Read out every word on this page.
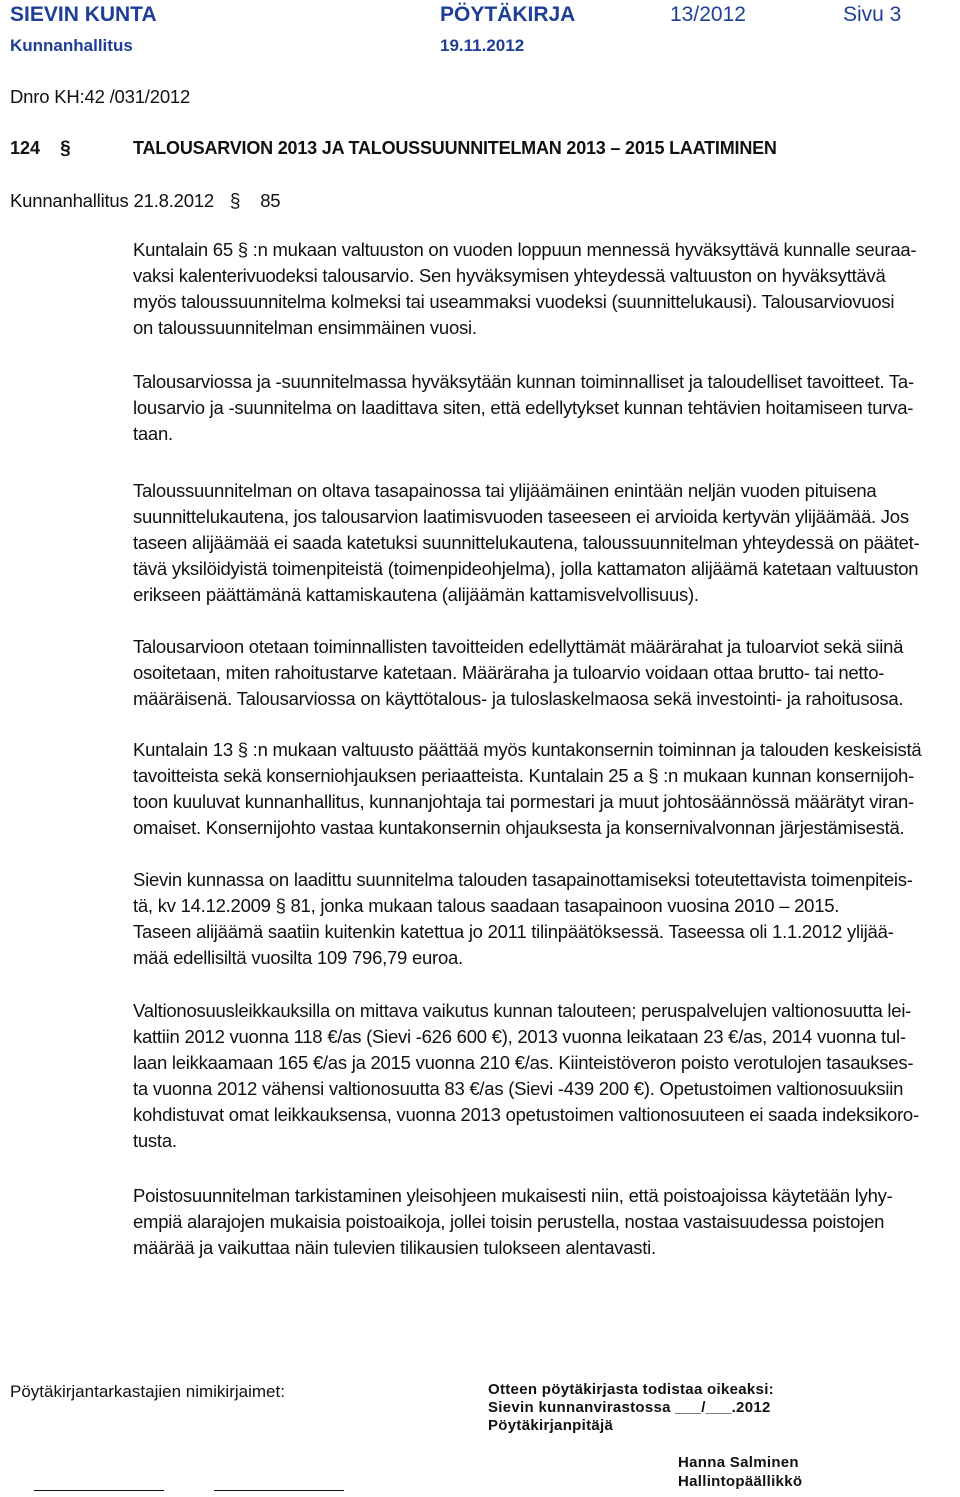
SIEVIN KUNTA	PÖYTÄKIRJA	13/2012	Sivu 3
Kunnanhallitus	19.11.2012
Dnro KH:42 /031/2012
124 §	TALOUSARVION 2013 JA TALOUSSUUNNITELMAN 2013 – 2015 LAATIMINEN
Kunnanhallitus 21.8.2012 § 85
Kuntalain 65 § :n mukaan valtuuston on vuoden loppuun mennessä hyväksyttävä kunnalle seuraa-
vaksi kalenterivuodeksi talousarvio. Sen hyväksymisen yhteydessä valtuuston on hyväksyttävä
myös taloussuunnitelma kolmeksi tai useammaksi vuodeksi (suunnittelukausi). Talousarviovuosi
on taloussuunnitelman ensimmäinen vuosi.
Talousarviossa ja -suunnitelmassa hyväksytään kunnan toiminnalliset ja taloudelliset tavoitteet. Ta-
lousarvio ja -suunnitelma on laadittava siten, että edellytykset kunnan tehtävien hoitamiseen turva-
taan.
Taloussuunnitelman on oltava tasapainossa tai ylijäämäinen enintään neljän vuoden pituisena
suunnittelukautena, jos talousarvion laatimisvuoden taseeseen ei arvioida kertyvän ylijäämää. Jos
taseen alijäämää ei saada katetuksi suunnittelukautena, taloussuunnitelman yhteydessä on päätet-
tävä yksilöidyistä toimenpiteistä (toimenpideohjelma), jolla kattamaton alijäämä katetaan valtuuston
erikseen päättämänä kattamiskautena (alijäämän kattamisvelvollisuus).
Talousarvioon otetaan toiminnallisten tavoitteiden edellyttämät määrärahat ja tuloarviot sekä siinä
osoitetaan, miten rahoitustarve katetaan. Määräraha ja tuloarvio voidaan ottaa brutto- tai netto-
määräisenä. Talousarviossa on käyttötalous- ja tuloslaskelmaosa sekä investointi- ja rahoitusosa.
Kuntalain 13 § :n mukaan valtuusto päättää myös kuntakonsernin toiminnan ja talouden keskeisistä
tavoitteista sekä konserniohjauksen periaatteista. Kuntalain 25 a § :n mukaan kunnan konsernijoh-
toon kuuluvat kunnanhallitus, kunnanjohtaja tai pormestari ja muut johtosäännössä määrätyt viran-
omaiset. Konsernijohto vastaa kuntakonsernin ohjauksesta ja konsernivalvonnan järjestämisestä.
Sievin kunnassa on laadittu suunnitelma talouden tasapainottamiseksi toteutettavista toimenpiteis-
tä, kv 14.12.2009 § 81, jonka mukaan talous saadaan tasapainoon vuosina 2010 – 2015.
Taseen alijäämä saatiin kuitenkin katettua jo 2011 tilinpäätöksessä. Taseessa oli 1.1.2012 ylijää-
mää edellisiltä vuosilta 109 796,79 euroa.
Valtionosuusleikkauksilla on mittava vaikutus kunnan talouteen; peruspalvelujen valtionosuutta lei-
kattiin 2012 vuonna 118 €/as (Sievi -626 600 €), 2013 vuonna leikataan 23 €/as, 2014 vuonna tul-
laan leikkaamaan 165 €/as ja 2015 vuonna 210 €/as. Kiinteistöveron poisto verotulojen tasaukses-
ta vuonna 2012 vähensi valtionosuutta 83 €/as (Sievi -439 200 €). Opetustoimen valtionosuuksiin
kohdistuvat omat leikkauksensa, vuonna 2013 opetustoimen valtionosuuteen ei saada indeksikoro-
tusta.
Poistosuunnitelman tarkistaminen yleisohjeen mukaisesti niin, että poistoajoissa käytetään lyhy-
empiä alarajojen mukaisia poistoaikoja, jollei toisin perustella, nostaa vastaisuudessa poistojen
määrää ja vaikuttaa näin tulevien tilikausien tulokseen alentavasti.
Pöytäkirjantarkastajien nimikirjaimet:	Otteen pöytäkirjasta todistaa oikeaksi:
Sievin kunnanvirastossa ___/___.2012
Pöytäkirjanpitäjä
Hanna Salminen
Hallintopäällikkö
